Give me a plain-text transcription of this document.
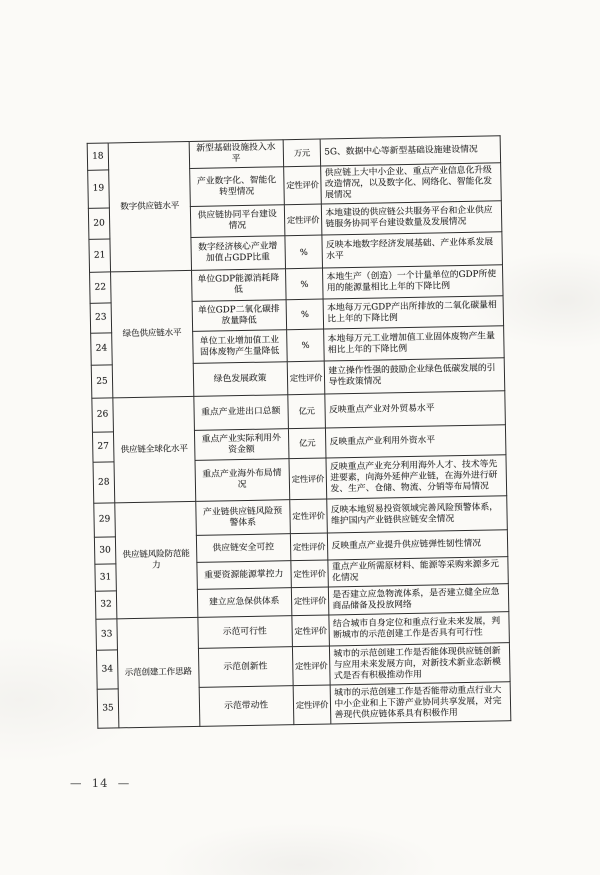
18	数字供应链水平	新型基础设施投入水平	万元	5G、数据中心等新型基础设施建设情况
19		产业数字化、智能化转型情况	定性评价	供应链上大中小企业、重点产业信息化升级改造情况，以及数字化、网络化、智能化发展情况
20		供应链协同平台建设情况	定性评价	本地建设的供应链公共服务平台和企业供应链服务协同平台建设数量及发展情况
21		数字经济核心产业增加值占GDP比重	%	反映本地数字经济发展基础、产业体系发展水平
22	绿色供应链水平	单位GDP能源消耗降低	%	本地生产（创造）一个计量单位的GDP所使用的能源量相比上年的下降比例
23		单位GDP二氧化碳排放量降低	%	本地每万元GDP产出所排放的二氧化碳量相比上年的下降比例
24		单位工业增加值工业固体废物产生量降低	%	本地每万元工业增加值工业固体废物产生量相比上年的下降比例
25		绿色发展政策	定性评价	建立操作性强的鼓励企业绿色低碳发展的引导性政策情况
26	供应链全球化水平	重点产业进出口总额	亿元	反映重点产业对外贸易水平
27		重点产业实际利用外资金额	亿元	反映重点产业利用外资水平
28		重点产业海外布局情况	定性评价	反映重点产业充分利用海外人才、技术等先进要素，向海外延伸产业链，在海外进行研发、生产、仓储、物流、分销等布局情况
29	供应链风险防范能力	产业链供应链风险预警体系	定性评价	反映本地贸易投资领域完善风险预警体系，维护国内产业链供应链安全情况
30		供应链安全可控	定性评价	反映重点产业提升供应链弹性韧性情况
31		重要资源能源掌控力	定性评价	重点产业所需原材料、能源等采购来源多元化情况
32		建立应急保供体系	定性评价	是否建立应急物流体系，是否建立健全应急商品储备及投放网络
33	示范创建工作思路	示范可行性	定性评价	结合城市自身定位和重点行业未来发展，判断城市的示范创建工作是否具有可行性
34		示范创新性	定性评价	城市的示范创建工作是否能体现供应链创新与应用未来发展方向，对新技术新业态新模式是否有积极推动作用
35		示范带动性	定性评价	城市的示范创建工作是否能带动重点行业大中小企业和上下游产业协同共享发展，对完善现代供应链体系具有积极作用
—  14  —
